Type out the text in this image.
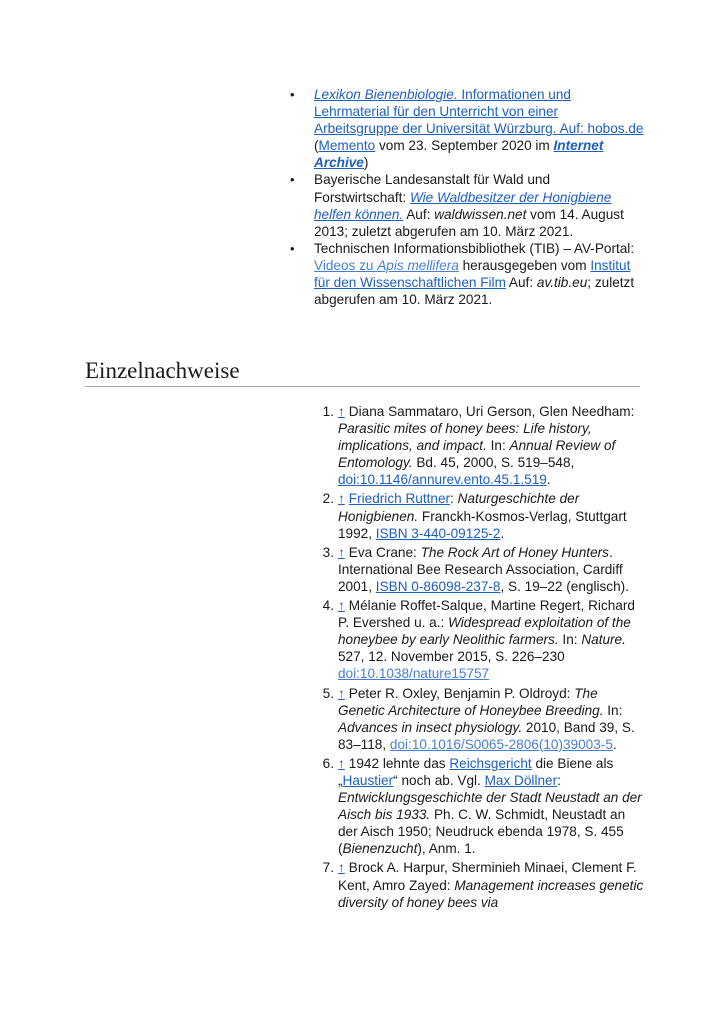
• Lexikon Bienenbiologie. Informationen und Lehrmaterial für den Unterricht von einer Arbeitsgruppe der Universität Würzburg. Auf: hobos.de (Memento vom 23. September 2020 im Internet Archive)
• Bayerische Landesanstalt für Wald und Forstwirtschaft: Wie Waldbesitzer der Honigbiene helfen können. Auf: waldwissen.net vom 14. August 2013; zuletzt abgerufen am 10. März 2021.
• Technischen Informationsbibliothek (TIB) – AV-Portal: Videos zu Apis mellifera herausgegeben vom Institut für den Wissenschaftlichen Film Auf: av.tib.eu; zuletzt abgerufen am 10. März 2021.
Einzelnachweise
1. ↑ Diana Sammataro, Uri Gerson, Glen Needham: Parasitic mites of honey bees: Life history, implications, and impact. In: Annual Review of Entomology. Bd. 45, 2000, S. 519–548, doi:10.1146/annurev.ento.45.1.519.
2. ↑ Friedrich Ruttner: Naturgeschichte der Honigbienen. Franckh-Kosmos-Verlag, Stuttgart 1992, ISBN 3-440-09125-2.
3. ↑ Eva Crane: The Rock Art of Honey Hunters. International Bee Research Association, Cardiff 2001, ISBN 0-86098-237-8, S. 19–22 (englisch).
4. ↑ Mélanie Roffet-Salque, Martine Regert, Richard P. Evershed u. a.: Widespread exploitation of the honeybee by early Neolithic farmers. In: Nature. 527, 12. November 2015, S. 226–230 doi:10.1038/nature15757
5. ↑ Peter R. Oxley, Benjamin P. Oldroyd: The Genetic Architecture of Honeybee Breeding. In: Advances in insect physiology. 2010, Band 39, S. 83–118, doi:10.1016/S0065-2806(10)39003-5.
6. ↑ 1942 lehnte das Reichsgericht die Biene als „Haustier“ noch ab. Vgl. Max Döllner: Entwicklungsgeschichte der Stadt Neustadt an der Aisch bis 1933. Ph. C. W. Schmidt, Neustadt an der Aisch 1950; Neudruck ebenda 1978, S. 455 (Bienenzucht), Anm. 1.
7. ↑ Brock A. Harpur, Sherminieh Minaei, Clement F. Kent, Amro Zayed: Management increases genetic diversity of honey bees via
